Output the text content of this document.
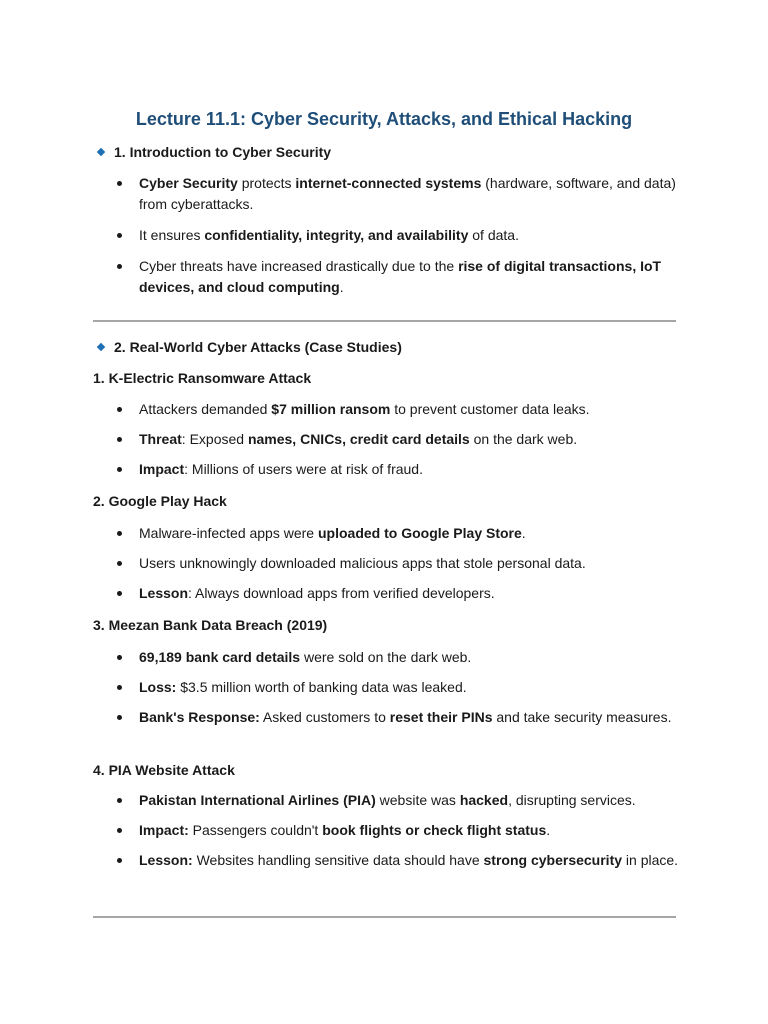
Lecture 11.1: Cyber Security, Attacks, and Ethical Hacking

1. Introduction to Cyber Security

Cyber Security protects internet-connected systems (hardware, software, and data) from cyberattacks.
It ensures confidentiality, integrity, and availability of data.
Cyber threats have increased drastically due to the rise of digital transactions, IoT devices, and cloud computing.

2. Real-World Cyber Attacks (Case Studies)

1. K-Electric Ransomware Attack

Attackers demanded $7 million ransom to prevent customer data leaks.
Threat: Exposed names, CNICs, credit card details on the dark web.
Impact: Millions of users were at risk of fraud.

2. Google Play Hack

Malware-infected apps were uploaded to Google Play Store.
Users unknowingly downloaded malicious apps that stole personal data.
Lesson: Always download apps from verified developers.

3. Meezan Bank Data Breach (2019)

69,189 bank card details were sold on the dark web.
Loss: $3.5 million worth of banking data was leaked.
Bank's Response: Asked customers to reset their PINs and take security measures.

4. PIA Website Attack

Pakistan International Airlines (PIA) website was hacked, disrupting services.
Impact: Passengers couldn't book flights or check flight status.
Lesson: Websites handling sensitive data should have strong cybersecurity in place.
